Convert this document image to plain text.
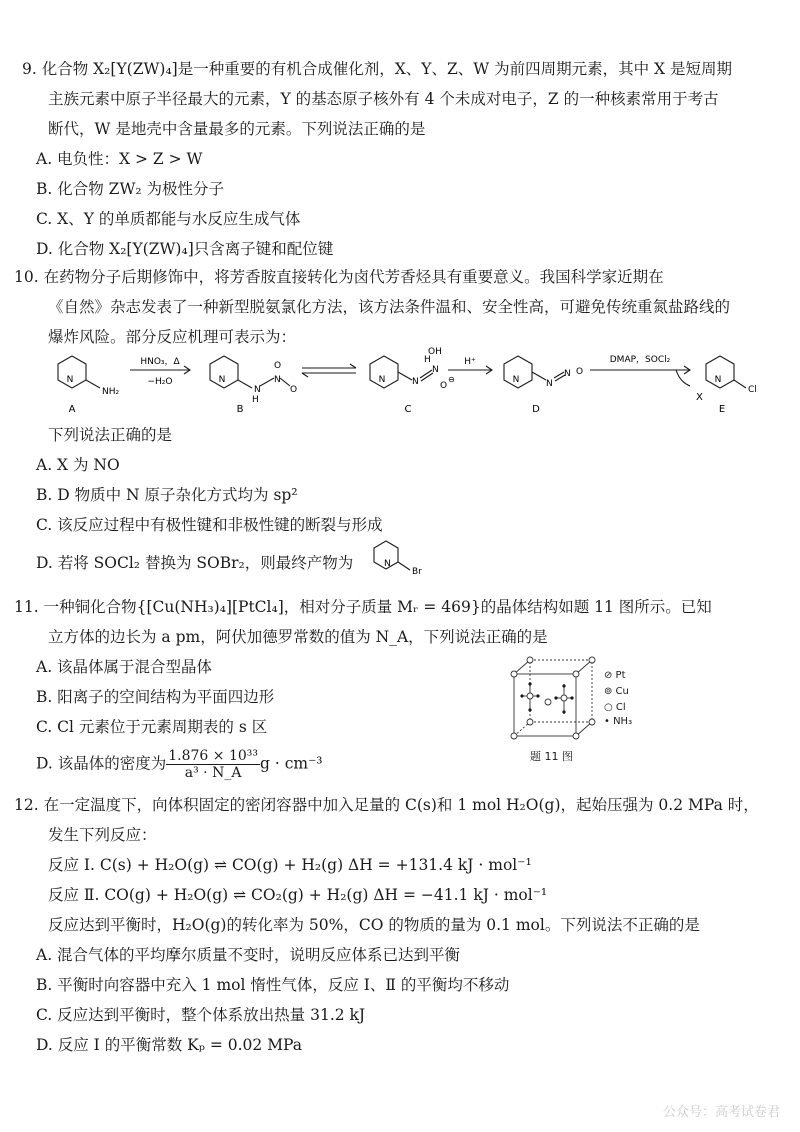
9. 化合物 X₂[Y(ZW)₄]是一种重要的有机合成催化剂，X、Y、Z、W 为前四周期元素，其中 X 是短周期
主族元素中原子半径最大的元素，Y 的基态原子核外有 4 个未成对电子，Z 的一种核素常用于考古
断代，W 是地壳中含量最多的元素。下列说法正确的是
A. 电负性：X > Z > W
B. 化合物 ZW₂ 为极性分子
C. X、Y 的单质都能与水反应生成气体
D. 化合物 X₂[Y(ZW)₄]只含离子键和配位键
10. 在药物分子后期修饰中，将芳香胺直接转化为卤代芳香烃具有重要意义。我国科学家近期在
《自然》杂志发表了一种新型脱氨氯化方法，该方法条件温和、安全性高，可避免传统重氮盐路线的
爆炸风险。部分反应机理可表示为：
N
NH₂
N
N
H
N
O
O
N	N
N
OH
H
O
⊖	N	N
N O
N
Cl
HNO₃，Δ
−H₂O
H⁺	DMAP，SOCl₂
X
A	B	C	D	E
下列说法正确的是
A. X 为 NO
B. D 物质中 N 原子杂化方式均为 sp²
C. 该反应过程中有极性键和非极性键的断裂与形成
D. 若将 SOCl₂ 替换为 SOBr₂，则最终产物为	N
Br
11. 一种铜化合物{[Cu(NH₃)₄][PtCl₄]，相对分子质量 Mᵣ = 469}的晶体结构如题 11 图所示。已知
立方体的边长为 a pm，阿伏加德罗常数的值为 N_A，下列说法正确的是
A. 该晶体属于混合型晶体
B. 阳离子的空间结构为平面四边形
C. Cl 元素位于元素周期表的 s 区
D. 该晶体的密度为 $\frac{\text{1.876 × 10³³}}{\text{a³ · N\_A}}$ g · cm⁻³
⊘ Pt
⊚ Cu
○ Cl
• NH₃
题 11 图
12. 在一定温度下，向体积固定的密闭容器中加入足量的 C(s)和 1 mol H₂O(g)，起始压强为 0.2 MPa 时，
发生下列反应：
反应 Ⅰ. C(s) + H₂O(g) ⇌ CO(g) + H₂(g) ΔH = +131.4 kJ · mol⁻¹
反应 Ⅱ. CO(g) + H₂O(g) ⇌ CO₂(g) + H₂(g) ΔH = −41.1 kJ · mol⁻¹
反应达到平衡时，H₂O(g)的转化率为 50%，CO 的物质的量为 0.1 mol。下列说法不正确的是
A. 混合气体的平均摩尔质量不变时，说明反应体系已达到平衡
B. 平衡时向容器中充入 1 mol 惰性气体，反应 Ⅰ、Ⅱ 的平衡均不移动
C. 反应达到平衡时，整个体系放出热量 31.2 kJ
D. 反应 Ⅰ 的平衡常数 Kₚ = 0.02 MPa
公众号：高考试卷君
